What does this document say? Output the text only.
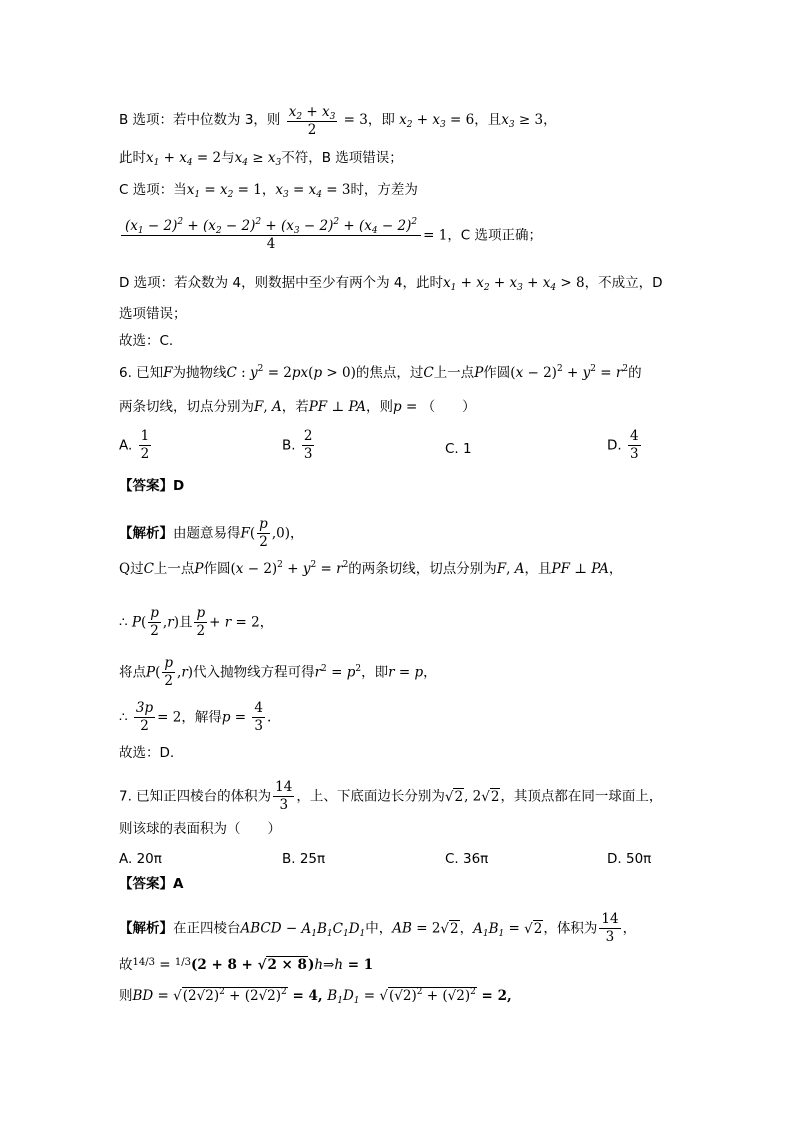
B 选项：若中位数为 3，则 $\frac{x_2 + x_3}{2} = 3$，即 $x_2 + x_3 = 6$，且$x_3 \ge 3$，
此时$x_1 + x_4 = 2$与$x_4 \ge x_3$不符，B 选项错误；
C 选项：当$x_1 = x_2 = 1$，$x_3 = x_4 = 3$时，方差为
$\frac{(x_1 - 2)^2 + (x_2 - 2)^2 + (x_3 - 2)^2 + (x_4 - 2)^2}{4} = 1$，C 选项正确；
D 选项：若众数为 4，则数据中至少有两个为 4，此时$x_1 + x_2 + x_3 + x_4 > 8$，不成立，D
选项错误；
故选：C.
6. 已知F为抛物线C : $y^2 = 2px(p > 0)$的焦点，过C上一点P作圆$(x - 2)^2 + y^2 = r^2$的
两条切线，切点分别为F, A，若PF ⊥ PA，则p = （　　）
A. $\frac{1}{2}$	B. $\frac{2}{3}$	C. 1	D. $\frac{4}{3}$
【答案】D
【解析】由题意易得$F( \frac{p}{2} ,0)$，
Q过C上一点P作圆$(x - 2)^2 + y^2 = r^2$的两条切线，切点分别为F, A，且PF ⊥ PA，
∴ $P( \frac{p}{2} ,r)$且 $\frac{p}{2} + r = 2$，
将点$P( \frac{p}{2} ,r)$代入抛物线方程可得$r^2 = p^2$，即r = p，
∴ $\frac{3p}{2} = 2$，解得$p = \frac{4}{3}$ .
故选：D.
7. 已知正四棱台的体积为 $\frac{14}{3}$ ，上、下底面边长分别为√2, 2√2，其顶点都在同一球面上，
则该球的表面积为（　　）
A. 20π	B. 25π	C. 36π	D. 50π
【答案】A
【解析】在正四棱台ABCD − $A_1B_1C_1D_1$中，AB = 2√2，$A_1B_1 = √2$，体积为 $\frac{14}{3}$ ，
故$^{14/3}$ = $^{1/3}$(2 + 8 + √2 × 8)h⇒h = 1
则BD = $√(2√2)^2 + (2√2)^2 = 4$, $B_1D_1 = √(√2)^2 + (√2)^2 = 2$,
